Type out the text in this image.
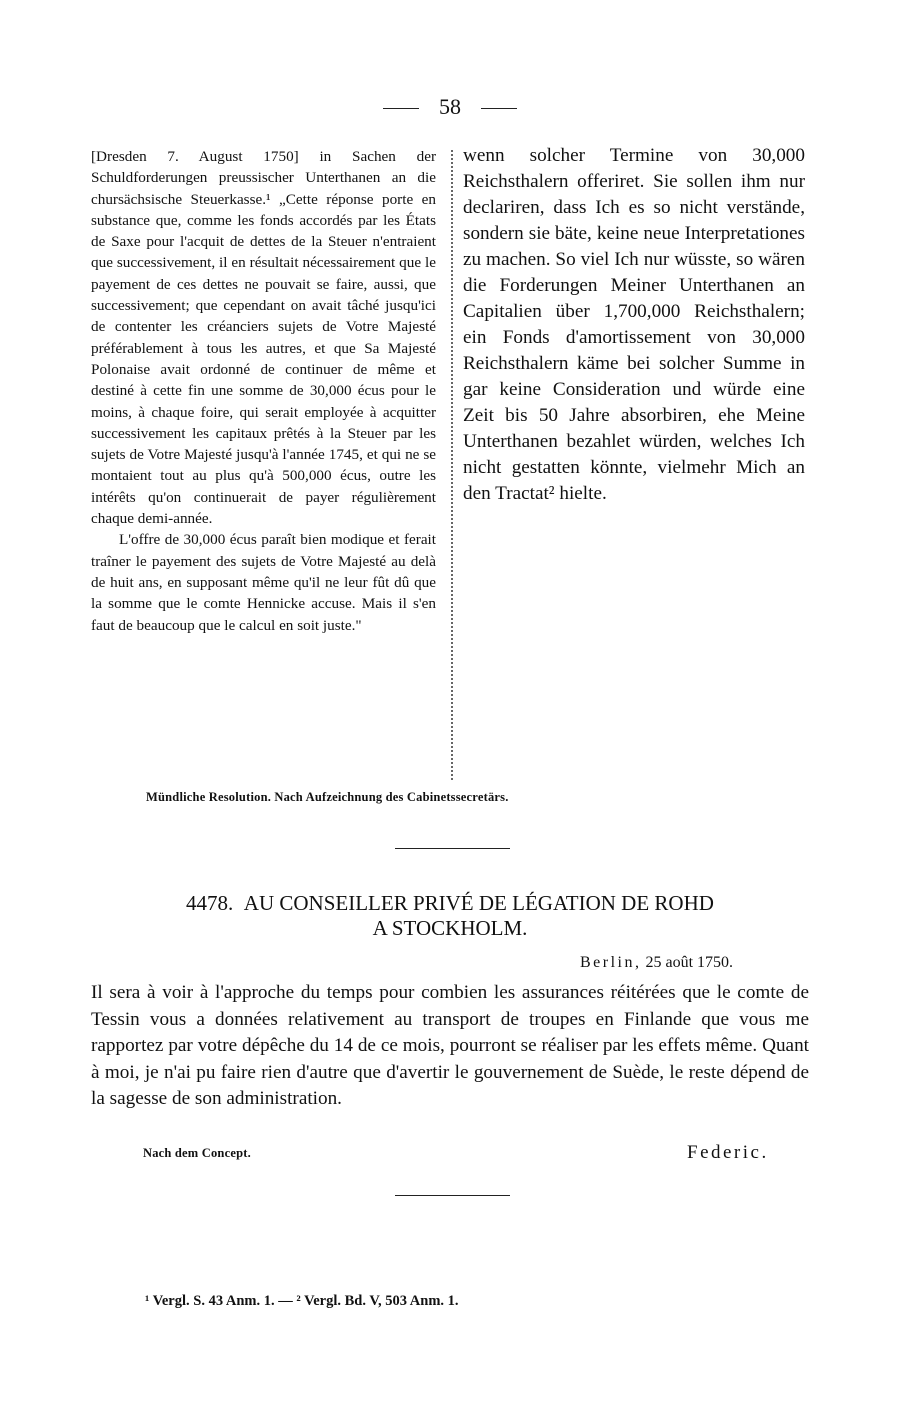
58

[Dresden 7. August 1750] in Sachen der Schuldforderungen preussischer Unterthanen an die chursächsische Steuerkasse.¹ „Cette réponse porte en substance que, comme les fonds accordés par les États de Saxe pour l'acquit de dettes de la Steuer n'entraient que successivement, il en résultait nécessairement que le payement de ces dettes ne pouvait se faire, aussi, que successivement; que cependant on avait tâché jusqu'ici de contenter les créanciers sujets de Votre Majesté préférablement à tous les autres, et que Sa Majesté Polonaise avait ordonné de continuer de même et destiné à cette fin une somme de 30,000 écus pour le moins, à chaque foire, qui serait employée à acquitter successivement les capitaux prêtés à la Steuer par les sujets de Votre Majesté jusqu'à l'année 1745, et qui ne se montaient tout au plus qu'à 500,000 écus, outre les intérêts qu'on continuerait de payer régulièrement chaque demi-année.

L'offre de 30,000 écus paraît bien modique et ferait traîner le payement des sujets de Votre Majesté au delà de huit ans, en supposant même qu'il ne leur fût dû que la somme que le comte Hennicke accuse. Mais il s'en faut de beaucoup que le calcul en soit juste."

wenn solcher Termine von 30,000 Reichsthalern offeriret. Sie sollen ihm nur declariren, dass Ich es so nicht verstände, sondern sie bäte, keine neue Interpretationes zu machen. So viel Ich nur wüsste, so wären die Forderungen Meiner Unterthanen an Capitalien über 1,700,000 Reichsthalern; ein Fonds d'amortissement von 30,000 Reichsthalern käme bei solcher Summe in gar keine Consideration und würde eine Zeit bis 50 Jahre absorbiren, ehe Meine Unterthanen bezahlet würden, welches Ich nicht gestatten könnte, vielmehr Mich an den Tractat² hielte.
Mündliche Resolution. Nach Aufzeichnung des Cabinetssecretärs.
4478. AU CONSEILLER PRIVÉ DE LÉGATION DE ROHD
A STOCKHOLM.
Berlin, 25 août 1750.
Il sera à voir à l'approche du temps pour combien les assurances réitérées que le comte de Tessin vous a données relativement au transport de troupes en Finlande que vous me rapportez par votre dépêche du 14 de ce mois, pourront se réaliser par les effets même. Quant à moi, je n'ai pu faire rien d'autre que d'avertir le gouvernement de Suède, le reste dépend de la sagesse de son administration.
Nach dem Concept.	Federic.
¹ Vergl. S. 43 Anm. 1. — ² Vergl. Bd. V, 503 Anm. 1.
